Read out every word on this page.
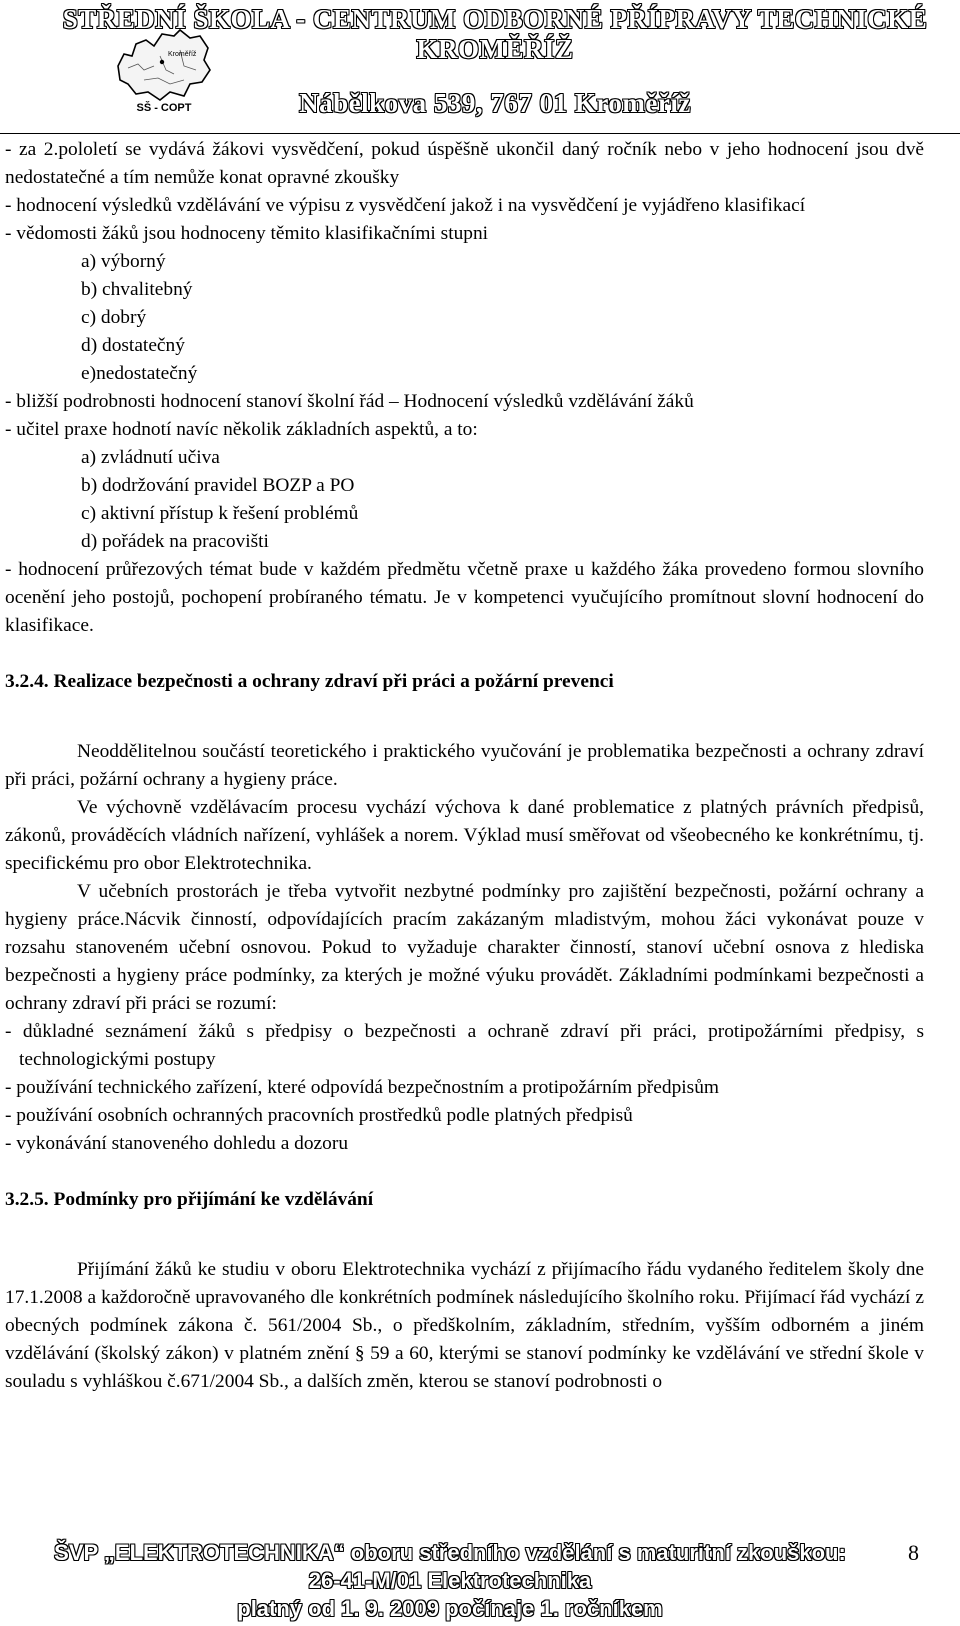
STŘEDNÍ ŠKOLA - CENTRUM ODBORNÉ PŘÍPRAVY TECHNICKÉ
KROMĚŘÍŽ
Nábělkova 539, 767 01 Kroměříž
Kroměříž
SŠ - COPT

- za 2.pololetí se vydává žákovi vysvědčení, pokud úspěšně ukončil daný ročník nebo v jeho hodnocení jsou dvě nedostatečné a tím nemůže konat opravné zkoušky

- hodnocení výsledků vzdělávání ve výpisu z vysvědčení jakož i na vysvědčení je vyjádřeno klasifikací

- vědomosti žáků jsou hodnoceny těmito klasifikačními stupni

a) výborný

b) chvalitebný

c) dobrý

d) dostatečný

e)nedostatečný

- bližší podrobnosti hodnocení stanoví školní řád – Hodnocení výsledků vzdělávání žáků

- učitel praxe hodnotí navíc několik základních aspektů, a to:

a) zvládnutí učiva

b) dodržování pravidel BOZP a PO

c) aktivní přístup k řešení problémů

d) pořádek na pracovišti

- hodnocení průřezových témat bude v každém předmětu včetně praxe u každého žáka provedeno formou slovního ocenění jeho postojů, pochopení probíraného tématu. Je v kompetenci vyučujícího promítnout slovní hodnocení do klasifikace.

3.2.4. Realizace bezpečnosti a ochrany zdraví při práci a požární prevenci

Neoddělitelnou součástí teoretického i praktického vyučování je problematika bezpečnosti a ochrany zdraví při práci, požární ochrany a hygieny práce.

Ve výchovně vzdělávacím procesu vychází výchova k dané problematice z platných právních předpisů, zákonů, prováděcích vládních nařízení, vyhlášek a norem. Výklad musí směřovat od všeobecného ke konkrétnímu, tj. specifickému pro obor Elektrotechnika.

V učebních prostorách je třeba vytvořit nezbytné podmínky pro zajištění bezpečnosti, požární ochrany a hygieny práce.Nácvik činností, odpovídajících pracím zakázaným mladistvým, mohou žáci vykonávat pouze v rozsahu stanoveném učební osnovou. Pokud to vyžaduje charakter činností, stanoví učební osnova z hlediska bezpečnosti a hygieny práce podmínky, za kterých je možné výuku provádět. Základními podmínkami bezpečnosti a ochrany zdraví při práci se rozumí:

- důkladné seznámení žáků s předpisy o bezpečnosti a ochraně zdraví při práci, protipožárními předpisy, s technologickými postupy

- používání technického zařízení, které odpovídá bezpečnostním a protipožárním předpisům

- používání osobních ochranných pracovních prostředků podle platných předpisů

- vykonávání stanoveného dohledu a dozoru

3.2.5. Podmínky pro přijímání ke vzdělávání

Přijímání žáků ke studiu v oboru Elektrotechnika vychází z přijímacího řádu vydaného ředitelem školy dne 17.1.2008 a každoročně upravovaného dle konkrétních podmínek následujícího školního roku. Přijímací řád vychází z obecných podmínek zákona č. 561/2004 Sb., o předškolním, základním, středním, vyšším odborném a jiném vzdělávání (školský zákon) v platném znění § 59 a 60, kterými se stanoví podmínky ke vzdělávání ve střední škole v souladu s vyhláškou č.671/2004 Sb., a dalších změn, kterou se stanoví podrobnosti o

ŠVP „ELEKTROTECHNIKA“ oboru středního vzdělání s maturitní zkouškou:
26-41-M/01 Elektrotechnika
platný od 1. 9. 2009 počínaje 1. ročníkem
8
